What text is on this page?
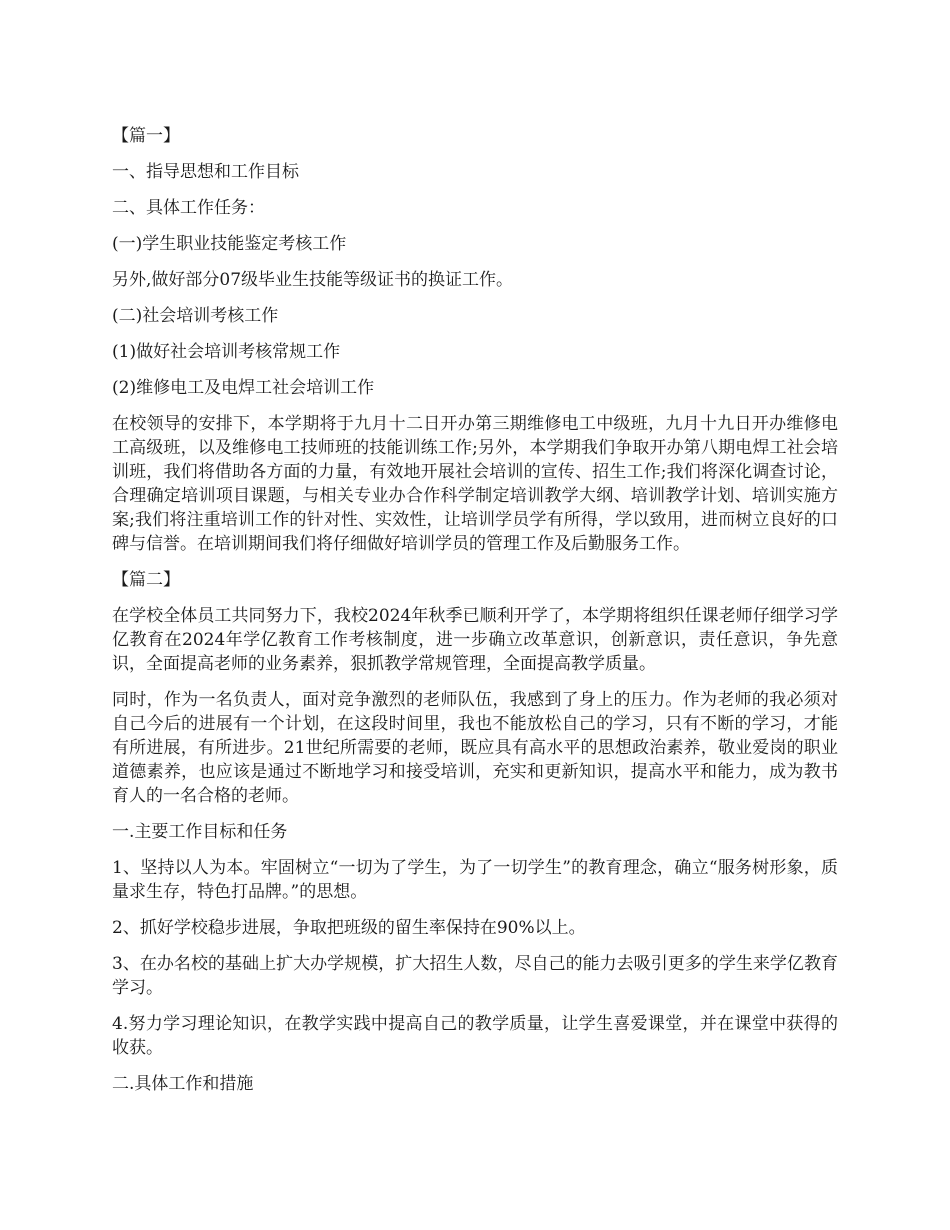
【篇一】

一、指导思想和工作目标

二、具体工作任务：

(一)学生职业技能鉴定考核工作

另外,做好部分07级毕业生技能等级证书的换证工作。

(二)社会培训考核工作

(1)做好社会培训考核常规工作

(2)维修电工及电焊工社会培训工作

在校领导的安排下，本学期将于九月十二日开办第三期维修电工中级班，九月十九日开办维修电工高级班，以及维修电工技师班的技能训练工作;另外，本学期我们争取开办第八期电焊工社会培训班，我们将借助各方面的力量，有效地开展社会培训的宣传、招生工作;我们将深化调查讨论，合理确定培训项目课题，与相关专业办合作科学制定培训教学大纲、培训教学计划、培训实施方案;我们将注重培训工作的针对性、实效性，让培训学员学有所得，学以致用，进而树立良好的口碑与信誉。在培训期间我们将仔细做好培训学员的管理工作及后勤服务工作。

【篇二】

在学校全体员工共同努力下，我校2024年秋季已顺利开学了，本学期将组织任课老师仔细学习学亿教育在2024年学亿教育工作考核制度，进一步确立改革意识，创新意识，责任意识，争先意识，全面提高老师的业务素养，狠抓教学常规管理，全面提高教学质量。

同时，作为一名负责人，面对竞争激烈的老师队伍，我感到了身上的压力。作为老师的我必须对自己今后的进展有一个计划，在这段时间里，我也不能放松自己的学习，只有不断的学习，才能有所进展，有所进步。21世纪所需要的老师，既应具有高水平的思想政治素养，敬业爱岗的职业道德素养，也应该是通过不断地学习和接受培训，充实和更新知识，提高水平和能力，成为教书育人的一名合格的老师。

一.主要工作目标和任务

1、坚持以人为本。牢固树立“一切为了学生，为了一切学生”的教育理念，确立“服务树形象，质量求生存，特色打品牌。”的思想。

2、抓好学校稳步进展，争取把班级的留生率保持在90%以上。

3、在办名校的基础上扩大办学规模，扩大招生人数，尽自己的能力去吸引更多的学生来学亿教育学习。

4.努力学习理论知识，在教学实践中提高自己的教学质量，让学生喜爱课堂，并在课堂中获得的收获。

二.具体工作和措施
